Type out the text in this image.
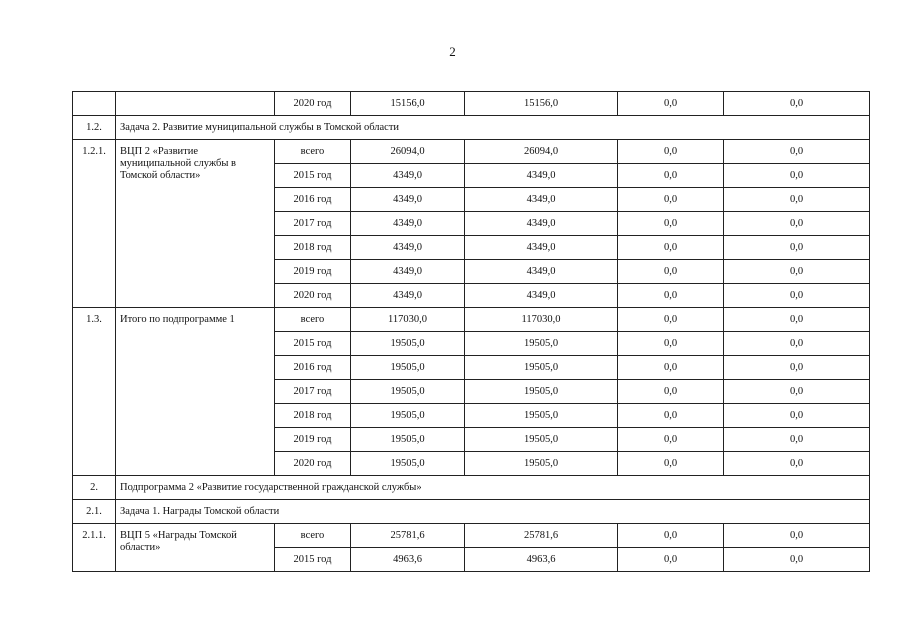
2
		2020 год	15156,0	15156,0	0,0	0,0
1.2.	Задача 2. Развитие муниципальной службы в Томской области					
1.2.1.	ВЦП 2 «Развитие муниципальной службы в Томской области»	всего	26094,0	26094,0	0,0	0,0
		2015 год	4349,0	4349,0	0,0	0,0
		2016 год	4349,0	4349,0	0,0	0,0
		2017 год	4349,0	4349,0	0,0	0,0
		2018 год	4349,0	4349,0	0,0	0,0
		2019 год	4349,0	4349,0	0,0	0,0
		2020 год	4349,0	4349,0	0,0	0,0
1.3.	Итого по подпрограмме 1	всего	117030,0	117030,0	0,0	0,0
		2015 год	19505,0	19505,0	0,0	0,0
		2016 год	19505,0	19505,0	0,0	0,0
		2017 год	19505,0	19505,0	0,0	0,0
		2018 год	19505,0	19505,0	0,0	0,0
		2019 год	19505,0	19505,0	0,0	0,0
		2020 год	19505,0	19505,0	0,0	0,0
2.	Подпрограмма 2 «Развитие государственной гражданской службы»					
2.1.	Задача 1. Награды Томской области					
2.1.1.	ВЦП 5 «Награды Томской области»	всего	25781,6	25781,6	0,0	0,0
		2015 год	4963,6	4963,6	0,0	0,0
